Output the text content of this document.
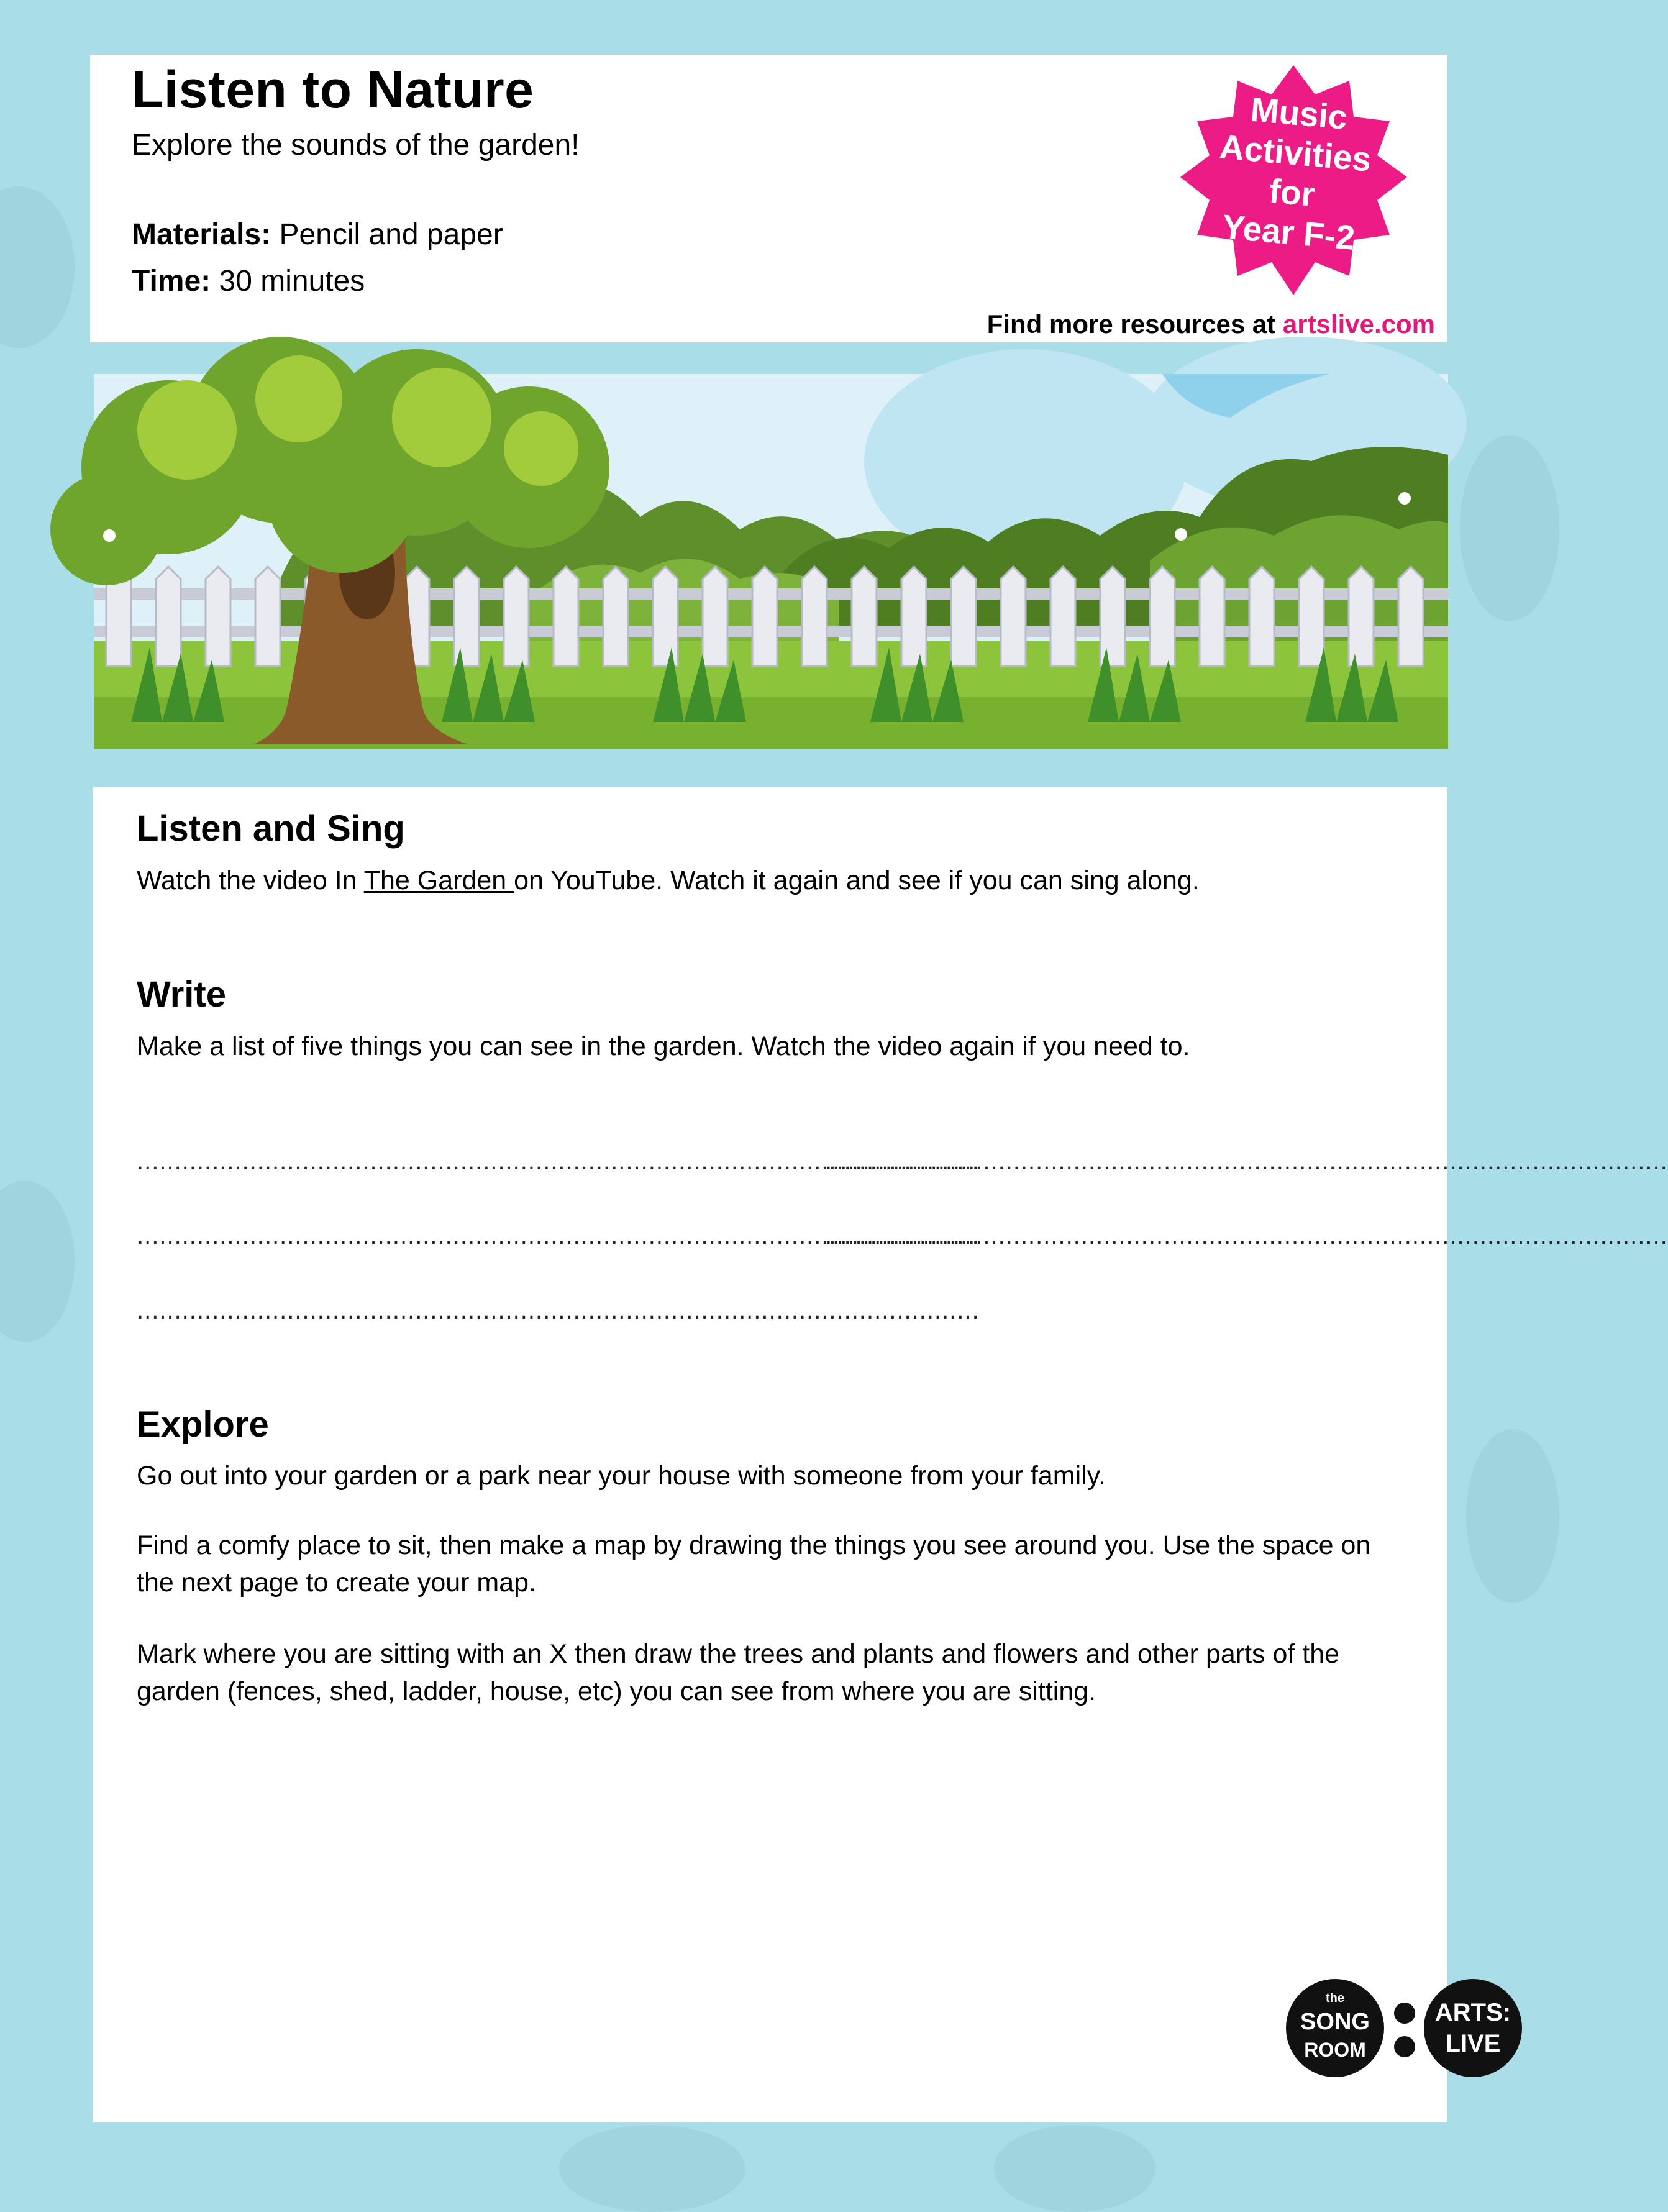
Listen to Nature
Explore the sounds of the garden!
Materials: Pencil and paper
Time: 30 minutes
Find more resources at artslive.com
Music
Activities
for
Year F-2
Listen and Sing

Watch the video In The Garden on YouTube. Watch it again and see if you can sing along.

Write

Make a list of five things you can see in the garden. Watch the video again if you need to.

................................................................................................................
................................................................................................................
................................................................................................................
................................................................................................................
................................................................................................................
Explore

Go out into your garden or a park near your house with someone from your family.

Find a comfy place to sit, then make a map by drawing the things you see around you. Use the space on the next page to create your map.

Mark where you are sitting with an X then draw the trees and plants and flowers and other parts of the garden (fences, shed, ladder, house, etc) you can see from where you are sitting.

the
SONG
ROOM
ARTS:
LIVE
